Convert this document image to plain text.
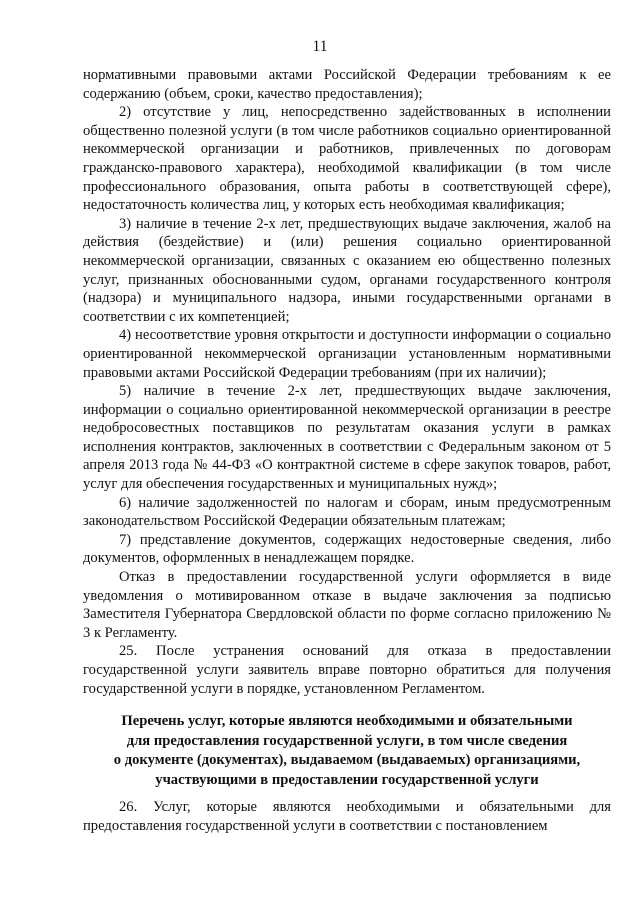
11

нормативными правовыми актами Российской Федерации требованиям к ее содержанию (объем, сроки, качество предоставления);

2) отсутствие у лиц, непосредственно задействованных в исполнении общественно полезной услуги (в том числе работников социально ориентированной некоммерческой организации и работников, привлеченных по договорам гражданско-правового характера), необходимой квалификации (в том числе профессионального образования, опыта работы в соответствующей сфере), недостаточность количества лиц, у которых есть необходимая квалификация;

3) наличие в течение 2-х лет, предшествующих выдаче заключения, жалоб на действия (бездействие) и (или) решения социально ориентированной некоммерческой организации, связанных с оказанием ею общественно полезных услуг, признанных обоснованными судом, органами государственного контроля (надзора) и муниципального надзора, иными государственными органами в соответствии с их компетенцией;

4) несоответствие уровня открытости и доступности информации о социально ориентированной некоммерческой организации установленным нормативными правовыми актами Российской Федерации требованиям (при их наличии);

5) наличие в течение 2-х лет, предшествующих выдаче заключения, информации о социально ориентированной некоммерческой организации в реестре недобросовестных поставщиков по результатам оказания услуги в рамках исполнения контрактов, заключенных в соответствии с Федеральным законом от 5 апреля 2013 года № 44-ФЗ «О контрактной системе в сфере закупок товаров, работ, услуг для обеспечения государственных и муниципальных нужд»;

6) наличие задолженностей по налогам и сборам, иным предусмотренным законодательством Российской Федерации обязательным платежам;

7) представление документов, содержащих недостоверные сведения, либо документов, оформленных в ненадлежащем порядке.

Отказ в предоставлении государственной услуги оформляется в виде уведомления о мотивированном отказе в выдаче заключения за подписью Заместителя Губернатора Свердловской области по форме согласно приложению № 3 к Регламенту.

25. После устранения оснований для отказа в предоставлении государственной услуги заявитель вправе повторно обратиться для получения государственной услуги в порядке, установленном Регламентом.

Перечень услуг, которые являются необходимыми и обязательными
для предоставления государственной услуги, в том числе сведения
о документе (документах), выдаваемом (выдаваемых) организациями,
участвующими в предоставлении государственной услуги

26. Услуг, которые являются необходимыми и обязательными для предоставления государственной услуги в соответствии с постановлением
